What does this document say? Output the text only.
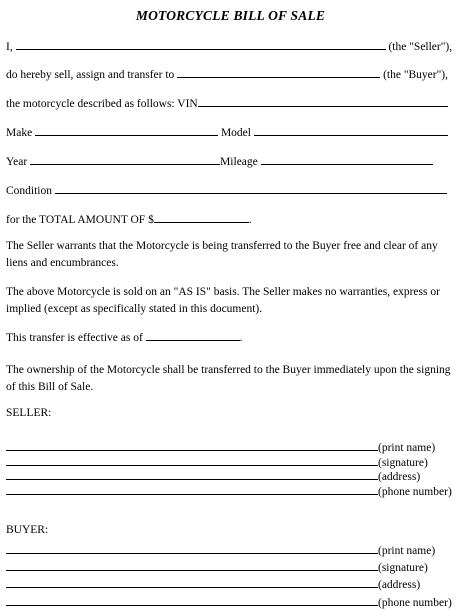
MOTORCYCLE BILL OF SALE
I,	(the "Seller"),
do hereby sell, assign and transfer to	(the "Buyer"),
the motorcycle described as follows: VIN
Make	Model
Year	Mileage
Condition
for the TOTAL AMOUNT OF $	.
The Seller warrants that the Motorcycle is being transferred to the Buyer free and clear of any liens and encumbrances.
The above Motorcycle is sold on an "AS IS" basis. The Seller makes no warranties, express or implied (except as specifically stated in this document).
This transfer is effective as of	.
The ownership of the Motorcycle shall be transferred to the Buyer immediately upon the signing of this Bill of Sale.
SELLER:
(print name)
(signature)
(address)
(phone number)
BUYER:
(print name)
(signature)
(address)
(phone number)
